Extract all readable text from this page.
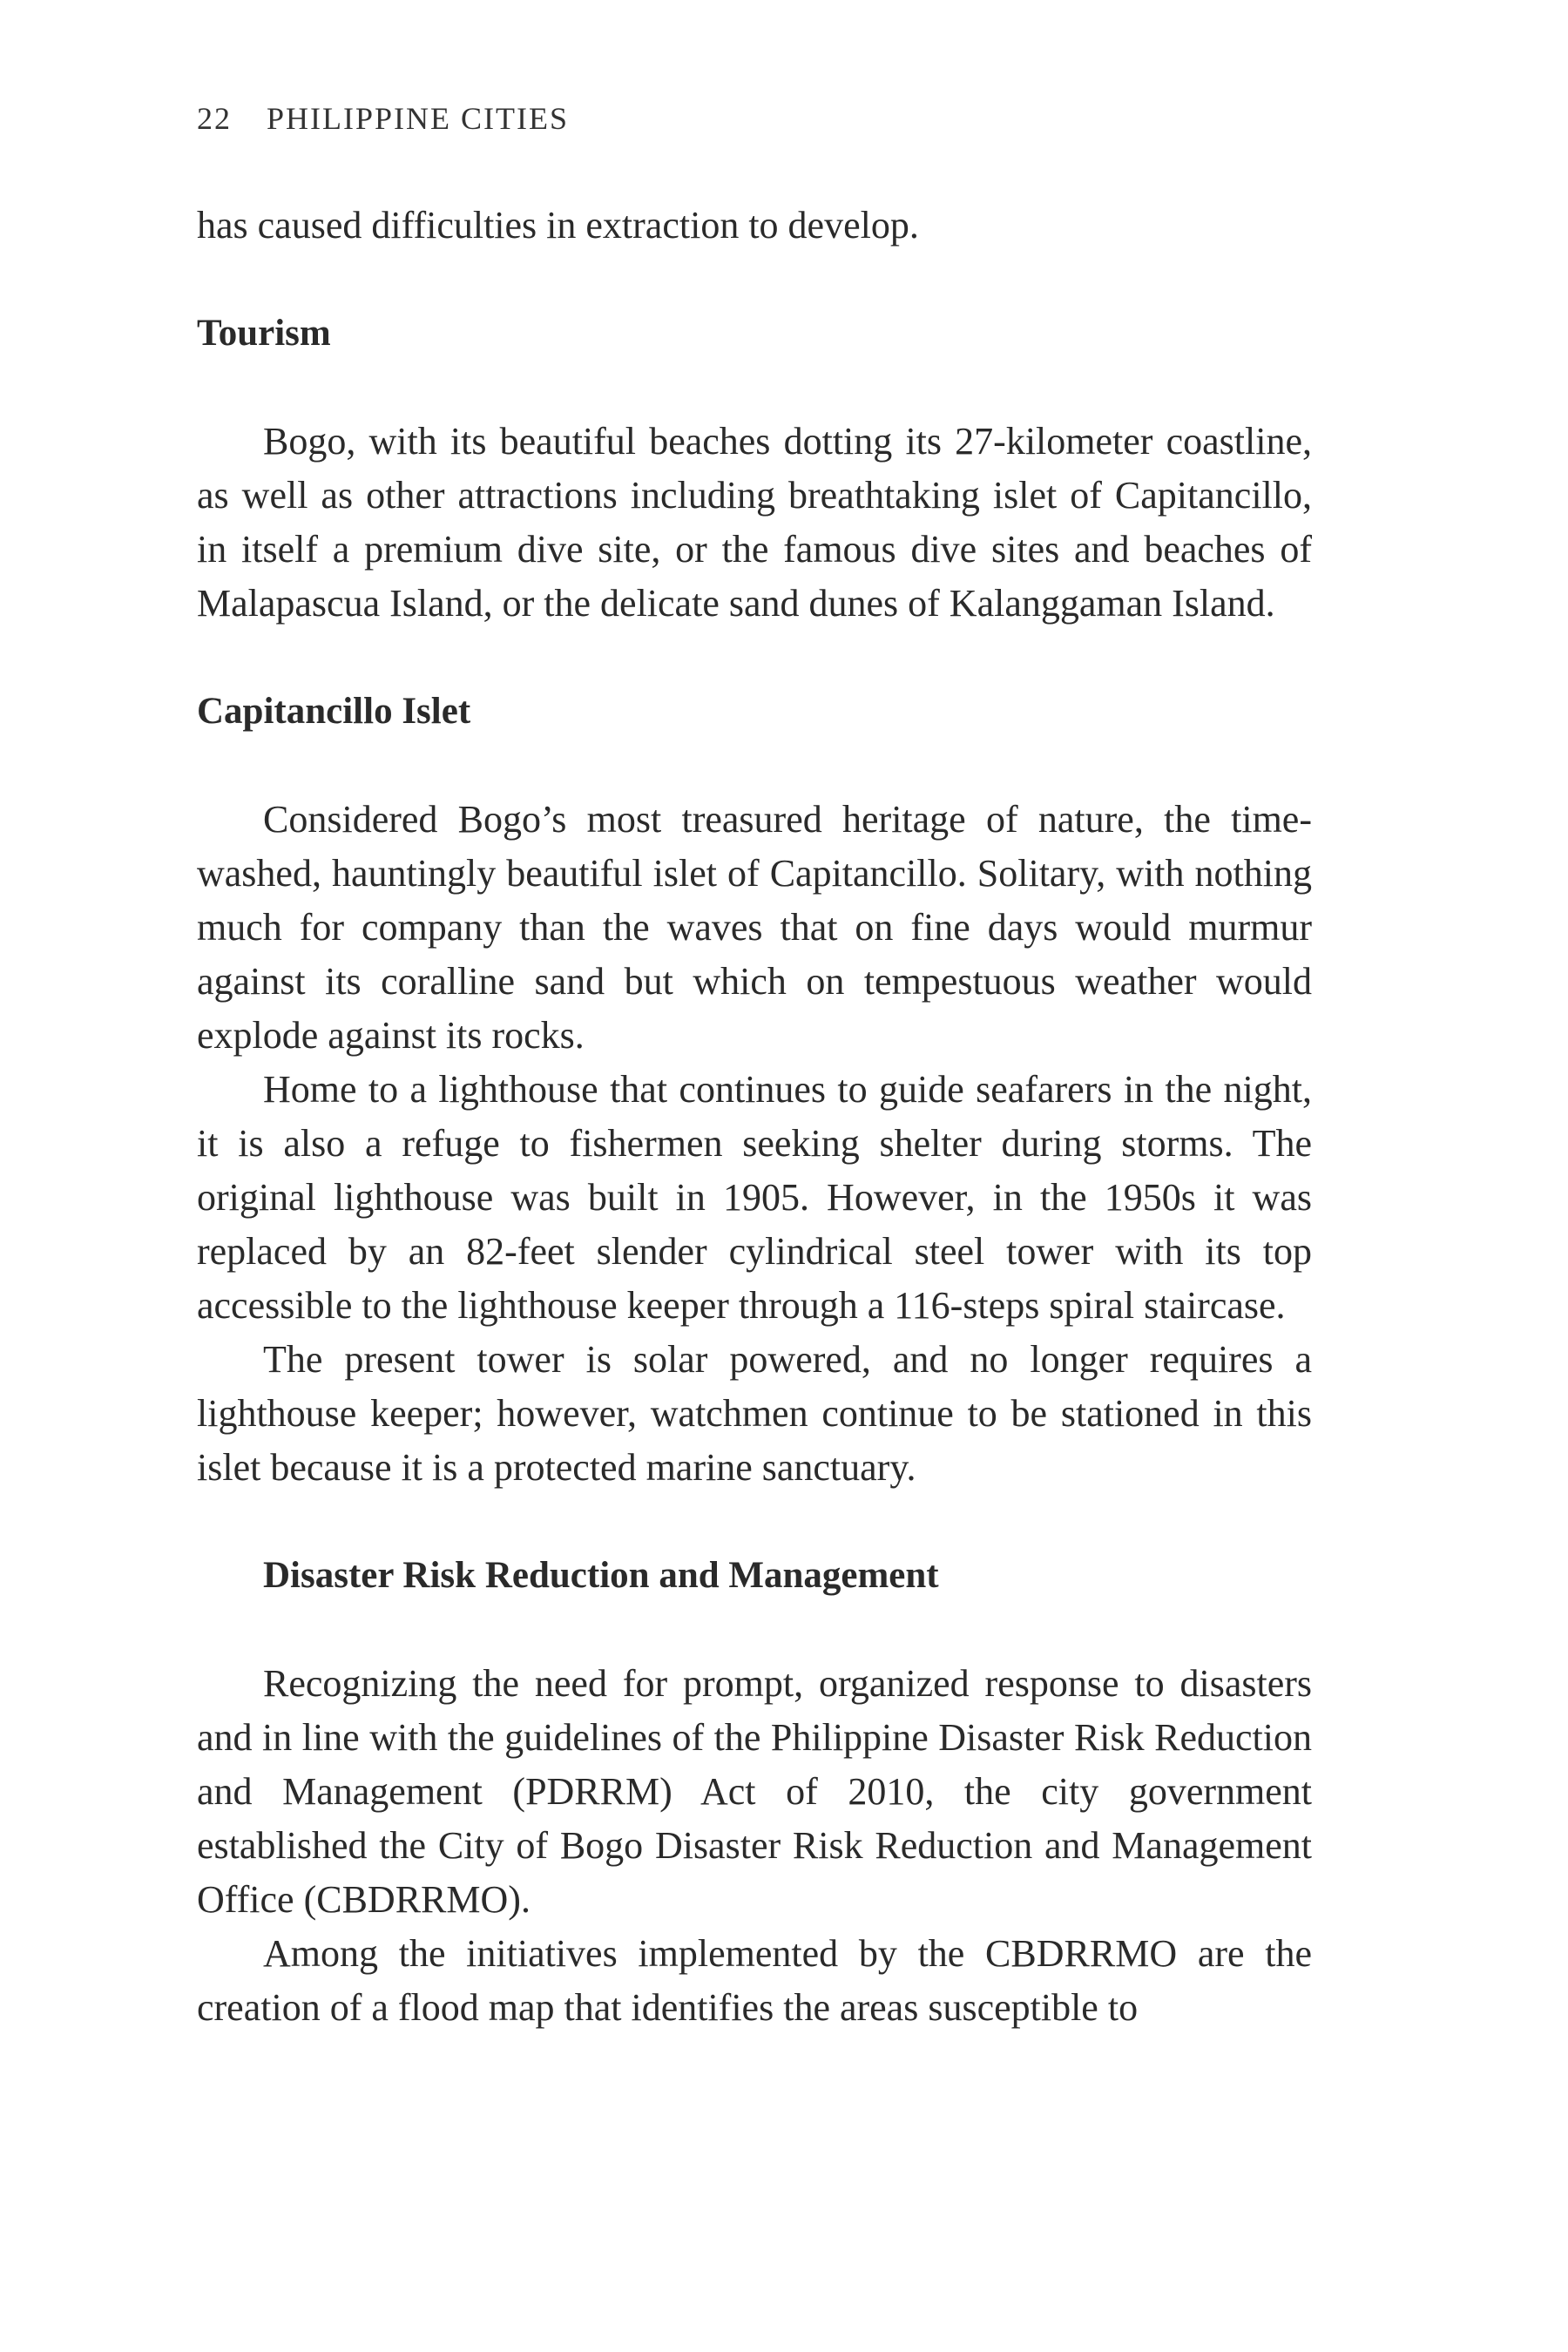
22 PHILIPPINE CITIES

has caused difficulties in extraction to develop.

Tourism

Bogo, with its beautiful beaches dotting its 27-kilometer coastline, as well as other attractions including breathtaking islet of Capitancillo, in itself a premium dive site, or the famous dive sites and beaches of Malapascua Island, or the delicate sand dunes of Kalanggaman Island.

Capitancillo Islet

Considered Bogo’s most treasured heritage of nature, the time-washed, hauntingly beautiful islet of Capitancillo. Solitary, with nothing much for company than the waves that on fine days would murmur against its coralline sand but which on tempestuous weather would explode against its rocks.

Home to a lighthouse that continues to guide seafarers in the night, it is also a refuge to fishermen seeking shelter during storms. The original lighthouse was built in 1905. However, in the 1950s it was replaced by an 82-feet slender cylindrical steel tower with its top accessible to the lighthouse keeper through a 116-steps spiral staircase.

The present tower is solar powered, and no longer requires a lighthouse keeper; however, watchmen continue to be stationed in this islet because it is a protected marine sanctuary.

Disaster Risk Reduction and Management

Recognizing the need for prompt, organized response to disasters and in line with the guidelines of the Philippine Disaster Risk Reduction and Management (PDRRM) Act of 2010, the city government established the City of Bogo Disaster Risk Reduction and Management Office (CBDRRMO).

Among the initiatives implemented by the CBDRRMO are the creation of a flood map that identifies the areas susceptible to
